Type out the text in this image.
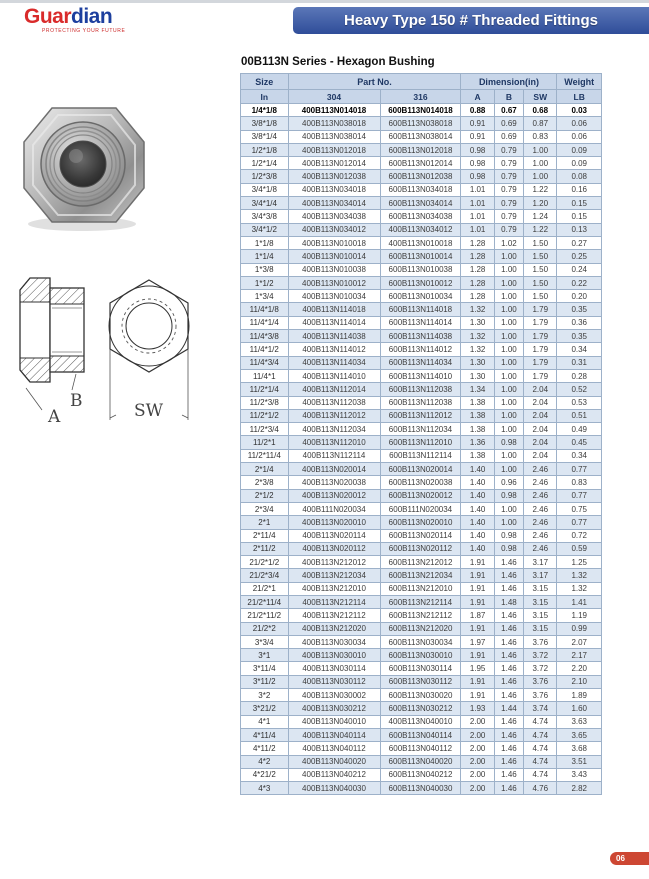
Guardian
PROTECTING YOUR FUTURE
Heavy Type 150 # Threaded Fittings
B
A	SW
00B113N Series - Hexagon Bushing
Size	Part No.		Dimension(in)			Weight
In	304	316	A	B	SW	LB
1/4*1/8	400B113N014018	600B113N014018	0.88	0.67	0.68	0.03
3/8*1/8	400B113N038018	600B113N038018	0.91	0.69	0.87	0.06
3/8*1/4	400B113N038014	600B113N038014	0.91	0.69	0.83	0.06
1/2*1/8	400B113N012018	600B113N012018	0.98	0.79	1.00	0.09
1/2*1/4	400B113N012014	600B113N012014	0.98	0.79	1.00	0.09
1/2*3/8	400B113N012038	600B113N012038	0.98	0.79	1.00	0.08
3/4*1/8	400B113N034018	600B113N034018	1.01	0.79	1.22	0.16
3/4*1/4	400B113N034014	600B113N034014	1.01	0.79	1.20	0.15
3/4*3/8	400B113N034038	600B113N034038	1.01	0.79	1.24	0.15
3/4*1/2	400B113N034012	400B113N034012	1.01	0.79	1.22	0.13
1*1/8	400B113N010018	400B113N010018	1.28	1.02	1.50	0.27
1*1/4	400B113N010014	600B113N010014	1.28	1.00	1.50	0.25
1*3/8	400B113N010038	600B113N010038	1.28	1.00	1.50	0.24
1*1/2	400B113N010012	600B113N010012	1.28	1.00	1.50	0.22
1*3/4	400B113N010034	600B113N010034	1.28	1.00	1.50	0.20
11/4*1/8	400B113N114018	600B113N114018	1.32	1.00	1.79	0.35
11/4*1/4	400B113N114014	600B113N114014	1.30	1.00	1.79	0.36
11/4*3/8	400B113N114038	600B113N114038	1.32	1.00	1.79	0.35
11/4*1/2	400B113N114012	600B113N114012	1.32	1.00	1.79	0.34
11/4*3/4	400B113N114034	600B113N114034	1.30	1.00	1.79	0.31
11/4*1	400B113N114010	600B113N114010	1.30	1.00	1.79	0.28
11/2*1/4	400B113N112014	600B113N112038	1.34	1.00	2.04	0.52
11/2*3/8	400B113N112038	600B113N112038	1.38	1.00	2.04	0.53
11/2*1/2	400B113N112012	600B113N112012	1.38	1.00	2.04	0.51
11/2*3/4	400B113N112034	600B113N112034	1.38	1.00	2.04	0.49
11/2*1	400B113N112010	600B113N112010	1.36	0.98	2.04	0.45
11/2*11/4	400B113N112114	600B113N112114	1.38	1.00	2.04	0.34
2*1/4	400B113N020014	600B113N020014	1.40	1.00	2.46	0.77
2*3/8	400B113N020038	600B113N020038	1.40	0.96	2.46	0.83
2*1/2	400B113N020012	600B113N020012	1.40	0.98	2.46	0.77
2*3/4	400B111N020034	600B111N020034	1.40	1.00	2.46	0.75
2*1	400B113N020010	600B113N020010	1.40	1.00	2.46	0.77
2*11/4	400B113N020114	600B113N020114	1.40	0.98	2.46	0.72
2*11/2	400B113N020112	600B113N020112	1.40	0.98	2.46	0.59
21/2*1/2	400B113N212012	600B113N212012	1.91	1.46	3.17	1.25
21/2*3/4	400B113N212034	600B113N212034	1.91	1.46	3.17	1.32
21/2*1	400B113N212010	600B113N212010	1.91	1.46	3.15	1.32
21/2*11/4	400B113N212114	600B113N212114	1.91	1.48	3.15	1.41
21/2*11/2	400B113N212112	600B113N212112	1.87	1.46	3.15	1.19
21/2*2	400B113N212020	600B113N212020	1.91	1.46	3.15	0.99
3*3/4	400B113N030034	600B113N030034	1.97	1.46	3.76	2.07
3*1	400B113N030010	600B113N030010	1.91	1.46	3.72	2.17
3*11/4	400B113N030114	600B113N030114	1.95	1.46	3.72	2.20
3*11/2	400B113N030112	600B113N030112	1.91	1.46	3.76	2.10
3*2	400B113N030002	600B113N030020	1.91	1.46	3.76	1.89
3*21/2	400B113N030212	600B113N030212	1.93	1.44	3.74	1.60
4*1	400B113N040010	400B113N040010	2.00	1.46	4.74	3.63
4*11/4	400B113N040114	600B113N040114	2.00	1.46	4.74	3.65
4*11/2	400B113N040112	600B113N040112	2.00	1.46	4.74	3.68
4*2	400B113N040020	600B113N040020	2.00	1.46	4.74	3.51
4*21/2	400B113N040212	600B113N040212	2.00	1.46	4.74	3.43
4*3	400B113N040030	600B113N040030	2.00	1.46	4.76	2.82
06
